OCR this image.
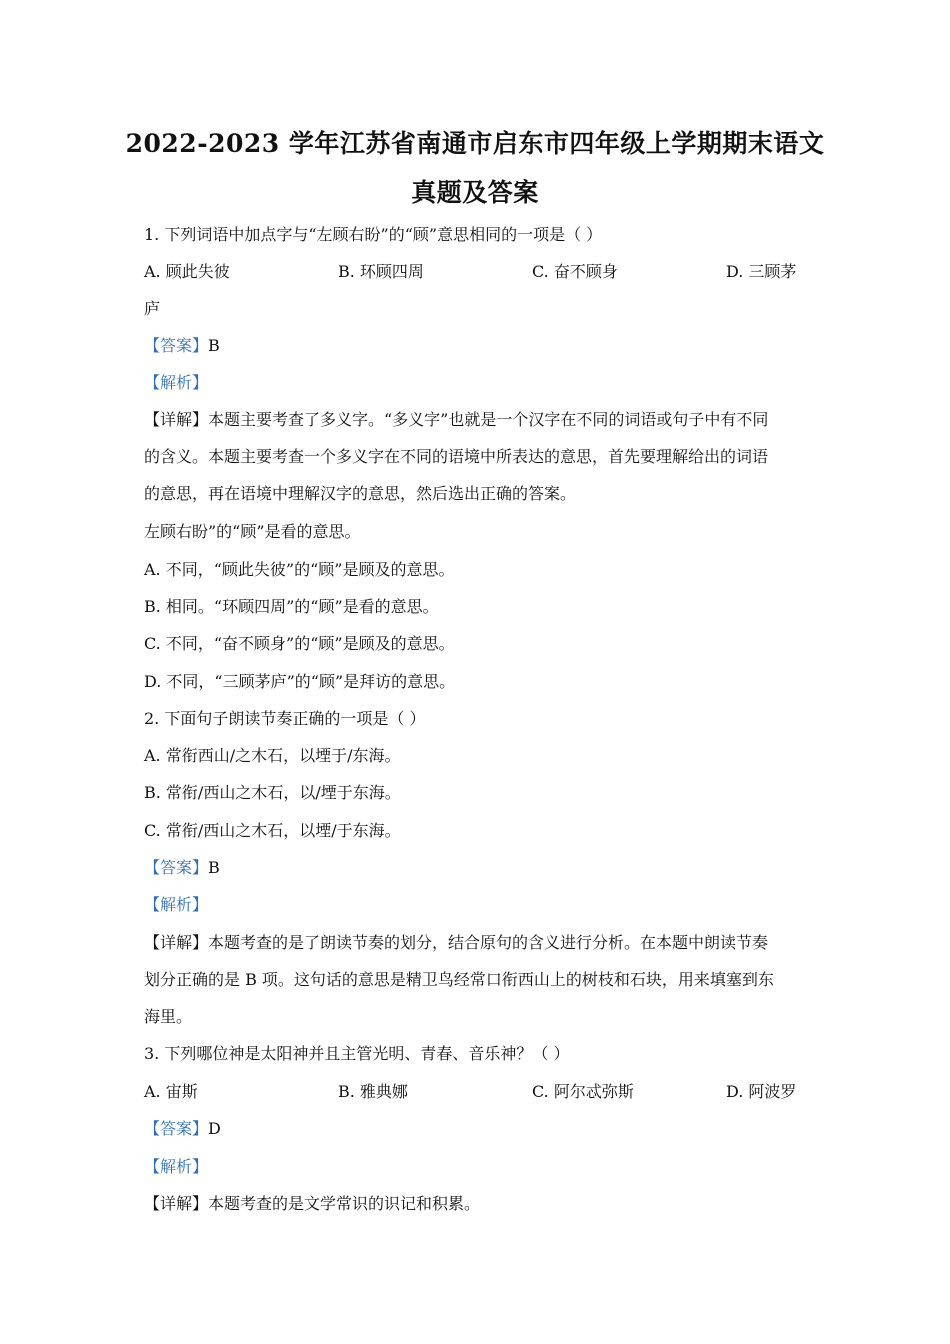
2022-2023 学年江苏省南通市启东市四年级上学期期末语文
真题及答案
1. 下列词语中加点字与“左顾右盼”的“顾”意思相同的一项是（ ）
A. 顾此失彼	B. 环顾四周	C. 奋不顾身	D. 三顾茅
庐
【答案】B
【解析】
【详解】本题主要考查了多义字。“多义字”也就是一个汉字在不同的词语或句子中有不同
的含义。本题主要考查一个多义字在不同的语境中所表达的意思，首先要理解给出的词语
的意思，再在语境中理解汉字的意思，然后选出正确的答案。
左顾右盼”的“顾”是看的意思。
A. 不同，“顾此失彼”的“顾”是顾及的意思。
B. 相同。“环顾四周”的“顾”是看的意思。
C. 不同，“奋不顾身”的“顾”是顾及的意思。
D. 不同，“三顾茅庐”的“顾”是拜访的意思。
2. 下面句子朗读节奏正确的一项是（ ）
A. 常衔西山/之木石，以堙于/东海。
B. 常衔/西山之木石，以/堙于东海。
C. 常衔/西山之木石，以堙/于东海。
【答案】B
【解析】
【详解】本题考查的是了朗读节奏的划分，结合原句的含义进行分析。在本题中朗读节奏
划分正确的是 B 项。这句话的意思是精卫鸟经常口衔西山上的树枝和石块，用来填塞到东
海里。
3. 下列哪位神是太阳神并且主管光明、青春、音乐神？（ ）
A. 宙斯	B. 雅典娜	C. 阿尔忒弥斯	D. 阿波罗
【答案】D
【解析】
【详解】本题考查的是文学常识的识记和积累。
